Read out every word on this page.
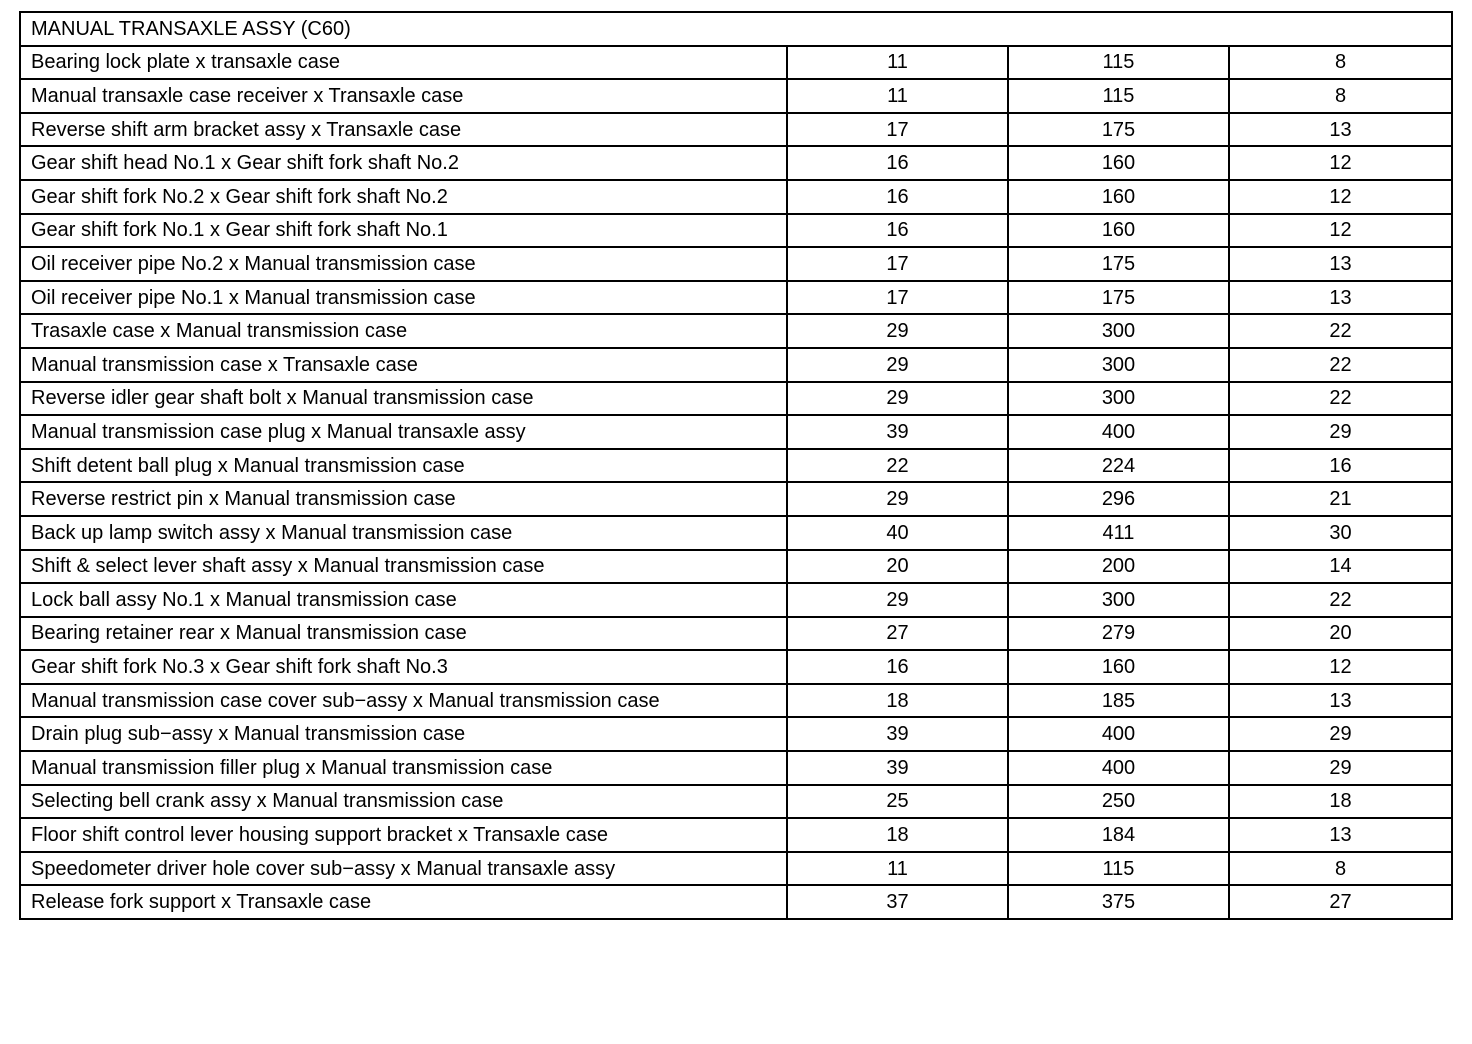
MANUAL TRANSAXLE ASSY (C60)			
Bearing lock plate x transaxle case	11	115	8
Manual transaxle case receiver x Transaxle case	11	115	8
Reverse shift arm bracket assy x Transaxle case	17	175	13
Gear shift head No.1 x Gear shift fork shaft No.2	16	160	12
Gear shift fork No.2 x Gear shift fork shaft No.2	16	160	12
Gear shift fork No.1 x Gear shift fork shaft No.1	16	160	12
Oil receiver pipe No.2 x Manual transmission case	17	175	13
Oil receiver pipe No.1 x Manual transmission case	17	175	13
Trasaxle case x Manual transmission case	29	300	22
Manual transmission case x Transaxle case	29	300	22
Reverse idler gear shaft bolt x Manual transmission case	29	300	22
Manual transmission case plug x Manual transaxle assy	39	400	29
Shift detent ball plug x Manual transmission case	22	224	16
Reverse restrict pin x Manual transmission case	29	296	21
Back up lamp switch assy x Manual transmission case	40	411	30
Shift & select lever shaft assy x Manual transmission case	20	200	14
Lock ball assy No.1 x Manual transmission case	29	300	22
Bearing retainer rear x Manual transmission case	27	279	20
Gear shift fork No.3 x Gear shift fork shaft No.3	16	160	12
Manual transmission case cover sub−assy x Manual transmission case	18	185	13
Drain plug sub−assy x Manual transmission case	39	400	29
Manual transmission filler plug x Manual transmission case	39	400	29
Selecting bell crank assy x Manual transmission case	25	250	18
Floor shift control lever housing support bracket x Transaxle case	18	184	13
Speedometer driver hole cover sub−assy x Manual transaxle assy	11	115	8
Release fork support x Transaxle case	37	375	27
